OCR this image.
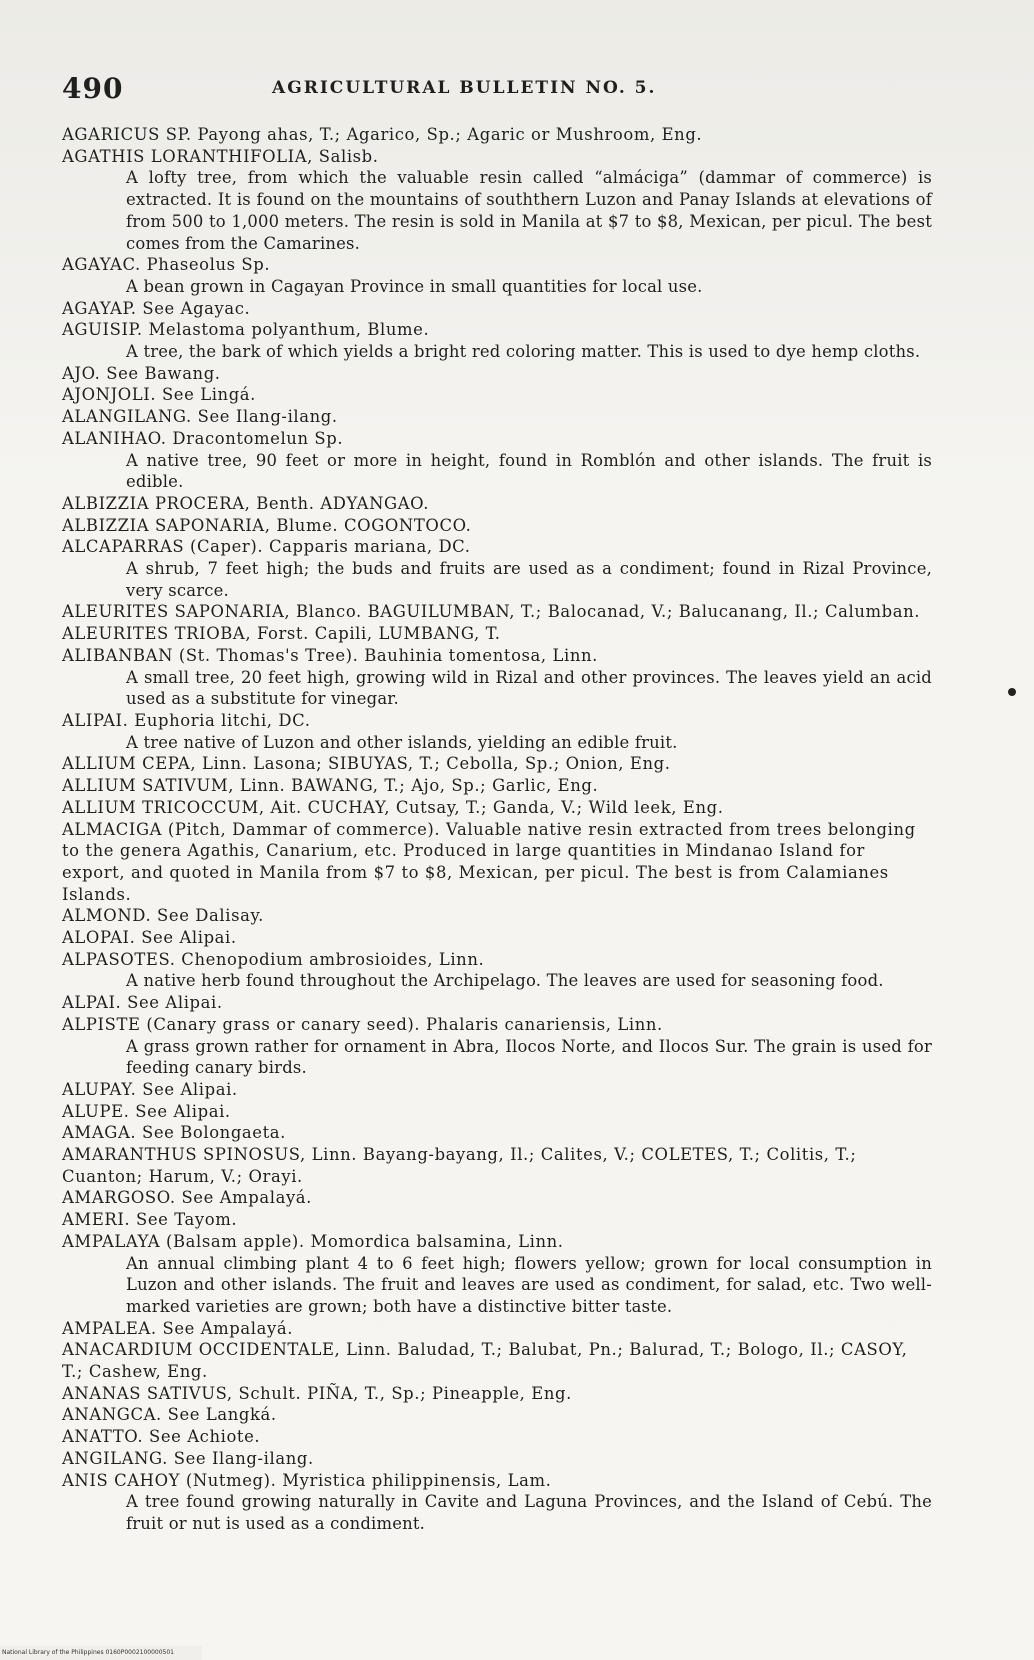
490	AGRICULTURAL BULLETIN NO. 5.
AGARICUS SP. Payong ahas, T.; Agarico, Sp.; Agaric or Mushroom, Eng.
AGATHIS LORANTHIFOLIA, Salisb.
A lofty tree, from which the valuable resin called “almáciga” (dammar of commerce) is extracted. It is found on the mountains of souththern Luzon and Panay Islands at elevations of from 500 to 1,000 meters. The resin is sold in Manila at $7 to $8, Mexican, per picul. The best comes from the Camarines.
AGAYAC. Phaseolus Sp.
A bean grown in Cagayan Province in small quantities for local use.
AGAYAP. See Agayac.
AGUISIP. Melastoma polyanthum, Blume.
A tree, the bark of which yields a bright red coloring matter. This is used to dye hemp cloths.
AJO. See Bawang.
AJONJOLI. See Lingá.
ALANGILANG. See Ilang-ilang.
ALANIHAO. Dracontomelun Sp.
A native tree, 90 feet or more in height, found in Romblón and other islands. The fruit is edible.
ALBIZZIA PROCERA, Benth. ADYANGAO.
ALBIZZIA SAPONARIA, Blume. COGONTOCO.
ALCAPARRAS (Caper). Capparis mariana, DC.
A shrub, 7 feet high; the buds and fruits are used as a condiment; found in Rizal Province, very scarce.
ALEURITES SAPONARIA, Blanco. BAGUILUMBAN, T.; Balocanad, V.; Balucanang, Il.; Calumban.
ALEURITES TRIOBA, Forst. Capili, LUMBANG, T.
ALIBANBAN (St. Thomas's Tree). Bauhinia tomentosa, Linn.
A small tree, 20 feet high, growing wild in Rizal and other provinces. The leaves yield an acid used as a substitute for vinegar.
ALIPAI. Euphoria litchi, DC.
A tree native of Luzon and other islands, yielding an edible fruit.
ALLIUM CEPA, Linn. Lasona; SIBUYAS, T.; Cebolla, Sp.; Onion, Eng.
ALLIUM SATIVUM, Linn. BAWANG, T.; Ajo, Sp.; Garlic, Eng.
ALLIUM TRICOCCUM, Ait. CUCHAY, Cutsay, T.; Ganda, V.; Wild leek, Eng.
ALMACIGA (Pitch, Dammar of commerce). Valuable native resin extracted from trees belonging to the genera Agathis, Canarium, etc. Produced in large quantities in Mindanao Island for export, and quoted in Manila from $7 to $8, Mexican, per picul. The best is from Calamianes Islands.
ALMOND. See Dalisay.
ALOPAI. See Alipai.
ALPASOTES. Chenopodium ambrosioides, Linn.
A native herb found throughout the Archipelago. The leaves are used for seasoning food.
ALPAI. See Alipai.
ALPISTE (Canary grass or canary seed). Phalaris canariensis, Linn.
A grass grown rather for ornament in Abra, Ilocos Norte, and Ilocos Sur. The grain is used for feeding canary birds.
ALUPAY. See Alipai.
ALUPE. See Alipai.
AMAGA. See Bolongaeta.
AMARANTHUS SPINOSUS, Linn. Bayang-bayang, Il.; Calites, V.; COLETES, T.; Colitis, T.; Cuanton; Harum, V.; Orayi.
AMARGOSO. See Ampalayá.
AMERI. See Tayom.
AMPALAYA (Balsam apple). Momordica balsamina, Linn.
An annual climbing plant 4 to 6 feet high; flowers yellow; grown for local consumption in Luzon and other islands. The fruit and leaves are used as condiment, for salad, etc. Two well-marked varieties are grown; both have a distinctive bitter taste.
AMPALEA. See Ampalayá.
ANACARDIUM OCCIDENTALE, Linn. Baludad, T.; Balubat, Pn.; Balurad, T.; Bologo, Il.; CASOY, T.; Cashew, Eng.
ANANAS SATIVUS, Schult. PIÑA, T., Sp.; Pineapple, Eng.
ANANGCA. See Langká.
ANATTO. See Achiote.
ANGILANG. See Ilang-ilang.
ANIS CAHOY (Nutmeg). Myristica philippinensis, Lam.
A tree found growing naturally in Cavite and Laguna Provinces, and the Island of Cebú. The fruit or nut is used as a condiment.
National Library of the Philippines 0160P0002100000501
